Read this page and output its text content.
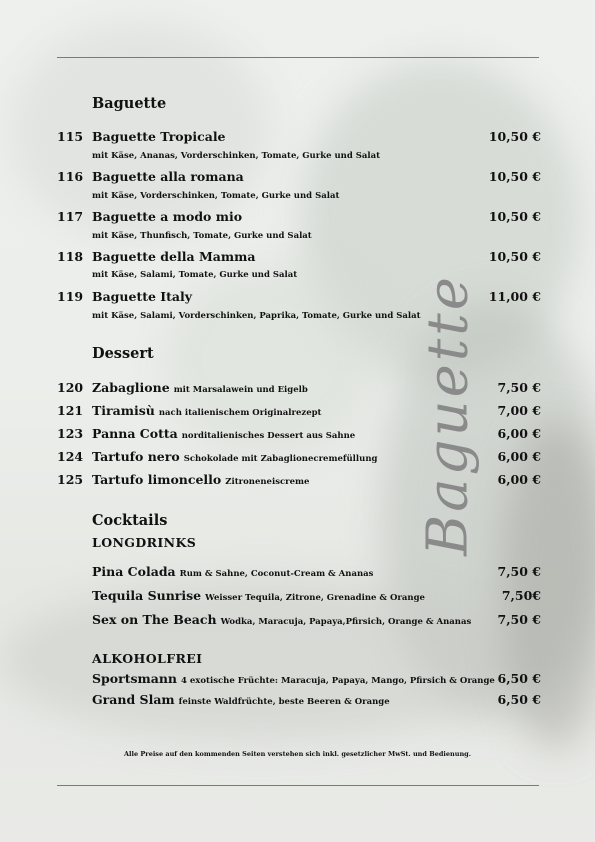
Baguette
Baguette
115 Baguette Tropicale	10,50 €
mit Käse, Ananas, Vorderschinken, Tomate, Gurke und Salat
116 Baguette alla romana	10,50 €
mit Käse, Vorderschinken, Tomate, Gurke und Salat
117 Baguette a modo mio	10,50 €
mit Käse, Thunfisch, Tomate, Gurke und Salat
118 Baguette della Mamma	10,50 €
mit Käse, Salami, Tomate, Gurke und Salat
119 Baguette Italy	11,00 €
mit Käse, Salami, Vorderschinken, Paprika, Tomate, Gurke und Salat
Dessert
120 Zabaglione mit Marsalawein und Eigelb	7,50 €
121 Tiramisù nach italienischem Originalrezept	7,00 €
123 Panna Cotta norditalienisches Dessert aus Sahne	6,00 €
124 Tartufo nero Schokolade mit Zabaglionecremefüllung	6,00 €
125 Tartufo limoncello Zitroneneiscreme	6,00 €
Cocktails
LONGDRINKS
Pina Colada Rum & Sahne, Coconut-Cream & Ananas	7,50 €
Tequila Sunrise Weisser Tequila, Zitrone, Grenadine & Orange	7,50€
Sex on The Beach Wodka, Maracuja, Papaya,Pfirsich, Orange & Ananas 7,50 €
ALKOHOLFREI
Sportsmann 4 exotische Früchte: Maracuja, Papaya, Mango, Pfirsich & Orange 6,50 €
Grand Slam feinste Waldfrüchte, beste Beeren & Orange	6,50 €
Alle Preise auf den kommenden Seiten verstehen sich inkl. gesetzlicher MwSt. und Bedienung.
